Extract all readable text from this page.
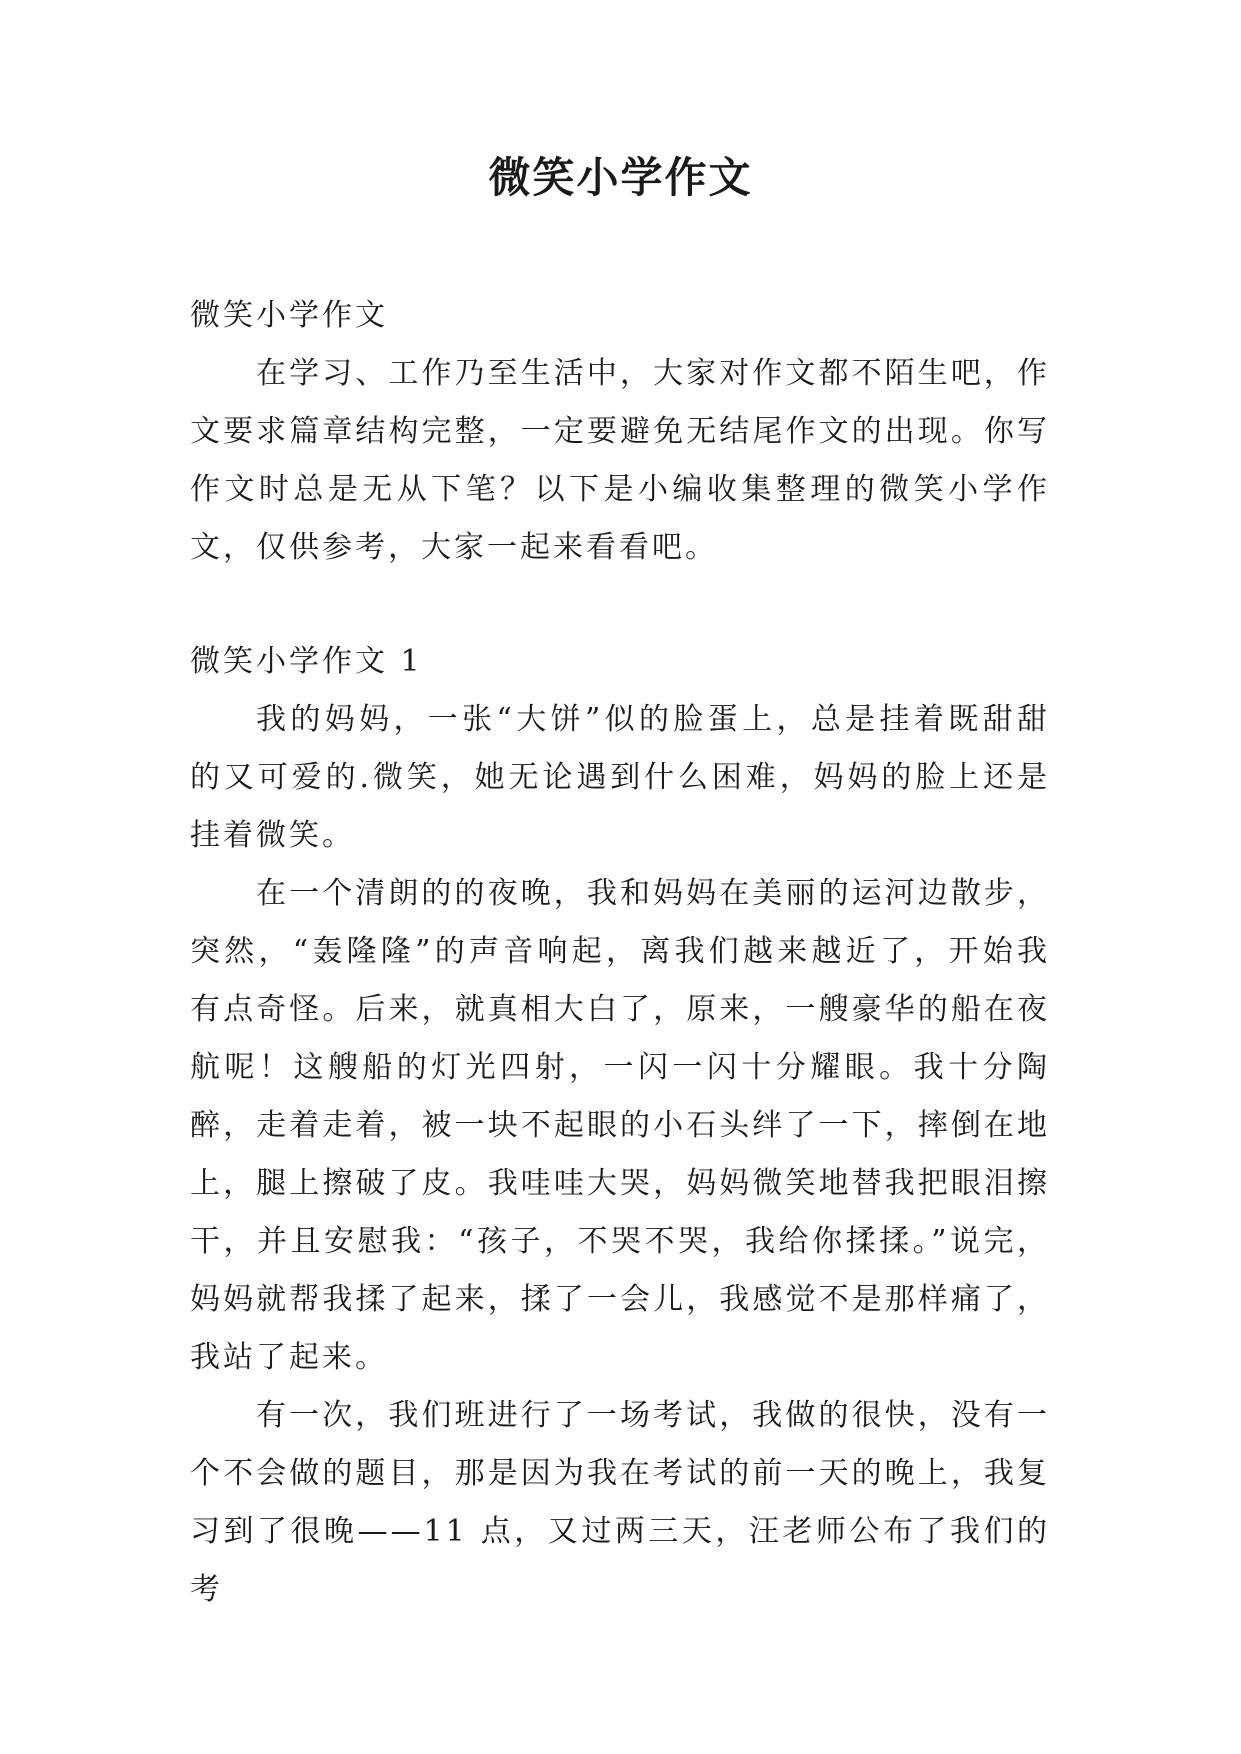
微笑小学作文

微笑小学作文

在学习、工作乃至生活中，大家对作文都不陌生吧，作文要求篇章结构完整，一定要避免无结尾作文的出现。你写作文时总是无从下笔？以下是小编收集整理的微笑小学作文，仅供参考，大家一起来看看吧。

微笑小学作文 1

我的妈妈，一张“大饼”似的脸蛋上，总是挂着既甜甜的又可爱的.微笑，她无论遇到什么困难，妈妈的脸上还是挂着微笑。

在一个清朗的的夜晚，我和妈妈在美丽的运河边散步，突然，“轰隆隆”的声音响起，离我们越来越近了，开始我有点奇怪。后来，就真相大白了，原来，一艘豪华的船在夜航呢！这艘船的灯光四射，一闪一闪十分耀眼。我十分陶醉，走着走着，被一块不起眼的小石头绊了一下，摔倒在地上，腿上擦破了皮。我哇哇大哭，妈妈微笑地替我把眼泪擦干，并且安慰我：“孩子，不哭不哭，我给你揉揉。”说完，妈妈就帮我揉了起来，揉了一会儿，我感觉不是那样痛了，我站了起来。

有一次，我们班进行了一场考试，我做的很快，没有一个不会做的题目，那是因为我在考试的前一天的晚上，我复习到了很晚——11 点，又过两三天，汪老师公布了我们的考
